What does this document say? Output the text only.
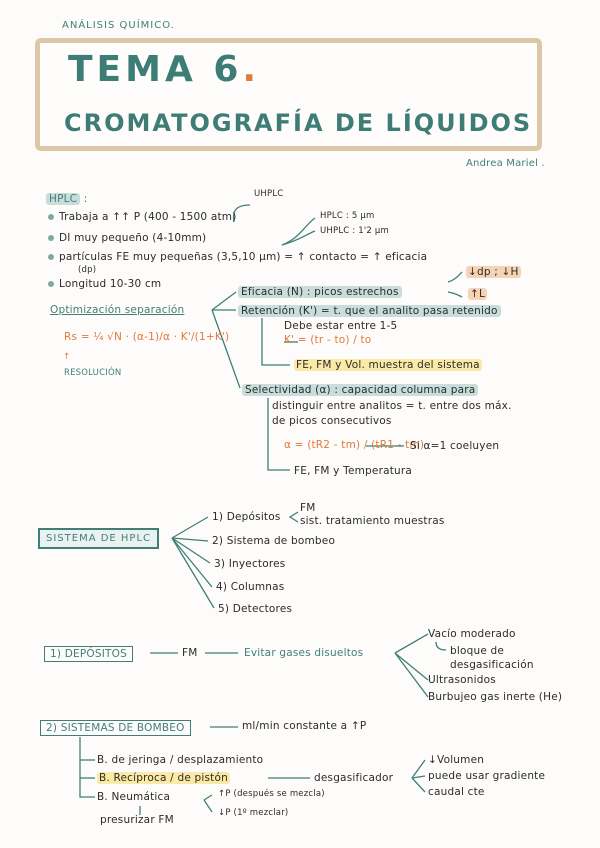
ANÁLISIS QUÍMICO.
TEMA 6.
CROMATOGRAFÍA DE LÍQUIDOS
Andrea Mariel .
HPLC :	UHPLC
Trabaja a ↑↑ P (400 - 1500 atm)
DI muy pequeño (4-10mm)
partículas FE muy pequeñas (3,5,10 μm) = ↑ contacto = ↑ eficacia
(dp)
Longitud 10-30 cm
HPLC : 5 μm
UHPLC : 1'2 μm
Optimización separación
Rs = ¼ √N · (α-1)/α · K'/(1+K')
↑
RESOLUCIÓN
Eficacia (N) : picos estrechos
↓dp ; ↓H
↑L
Retención (K') = t. que el analito pasa retenido
Debe estar entre 1-5
K' = (tr - to) / to
FE, FM y Vol. muestra del sistema
Selectividad (α) : capacidad columna para
distinguir entre analitos = t. entre dos máx.
de picos consecutivos
α = (tR2 - tm) / (tR1 - tm)
Si α=1 coeluyen
FE, FM y Temperatura
SISTEMA DE HPLC
1) Depósitos
FM
sist. tratamiento muestras
2) Sistema de bombeo
3) Inyectores
4) Columnas
5) Detectores
1) DEPÓSITOS	FM	Evitar gases disueltos
Vacío moderado
bloque de
desgasificación
Ultrasonidos
Burbujeo gas inerte (He)
2) SISTEMAS DE BOMBEO	ml/min constante a ↑P
B. de jeringa / desplazamiento
B. Recíproca / de pistón	desgasificador
↓Volumen
puede usar gradiente
caudal cte
B. Neumática	↑P (después se mezcla)
↓P (1º mezclar)
presurizar FM
